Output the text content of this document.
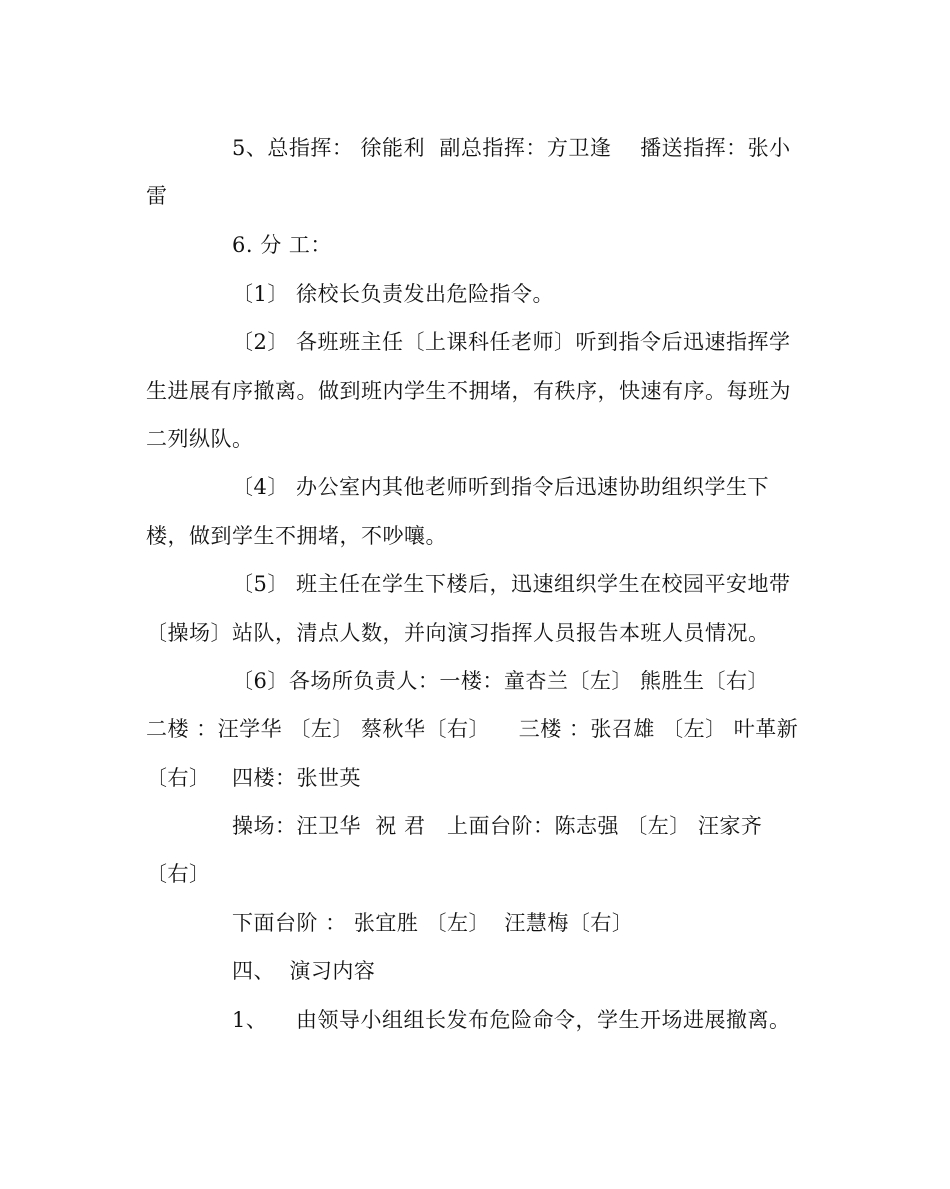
5、总指挥： 徐能利  副总指挥：方卫逢    播送指挥：张小
雷
6. 分 工：
〔1〕 徐校长负责发出危险指令。
〔2〕 各班班主任〔上课科任老师〕听到指令后迅速指挥学
生进展有序撤离。做到班内学生不拥堵，有秩序，快速有序。每班为
二列纵队。
〔4〕 办公室内其他老师听到指令后迅速协助组织学生下
楼，做到学生不拥堵，不吵嚷。
〔5〕 班主任在学生下楼后，迅速组织学生在校园平安地带
〔操场〕站队，清点人数，并向演习指挥人员报告本班人员情况。
〔6〕各场所负责人：一楼：童杏兰〔左〕 熊胜生〔右〕
二楼 ：汪学华 〔左〕 蔡秋华〔右〕    三楼 ：张召雄 〔左〕 叶革新
〔右〕   四楼：张世英
操场：汪卫华  祝 君   上面台阶：陈志强 〔左〕 汪家齐
〔右〕
下面台阶 ： 张宜胜 〔左〕  汪慧梅〔右〕
四、  演习内容
1、    由领导小组组长发布危险命令，学生开场进展撤离。
